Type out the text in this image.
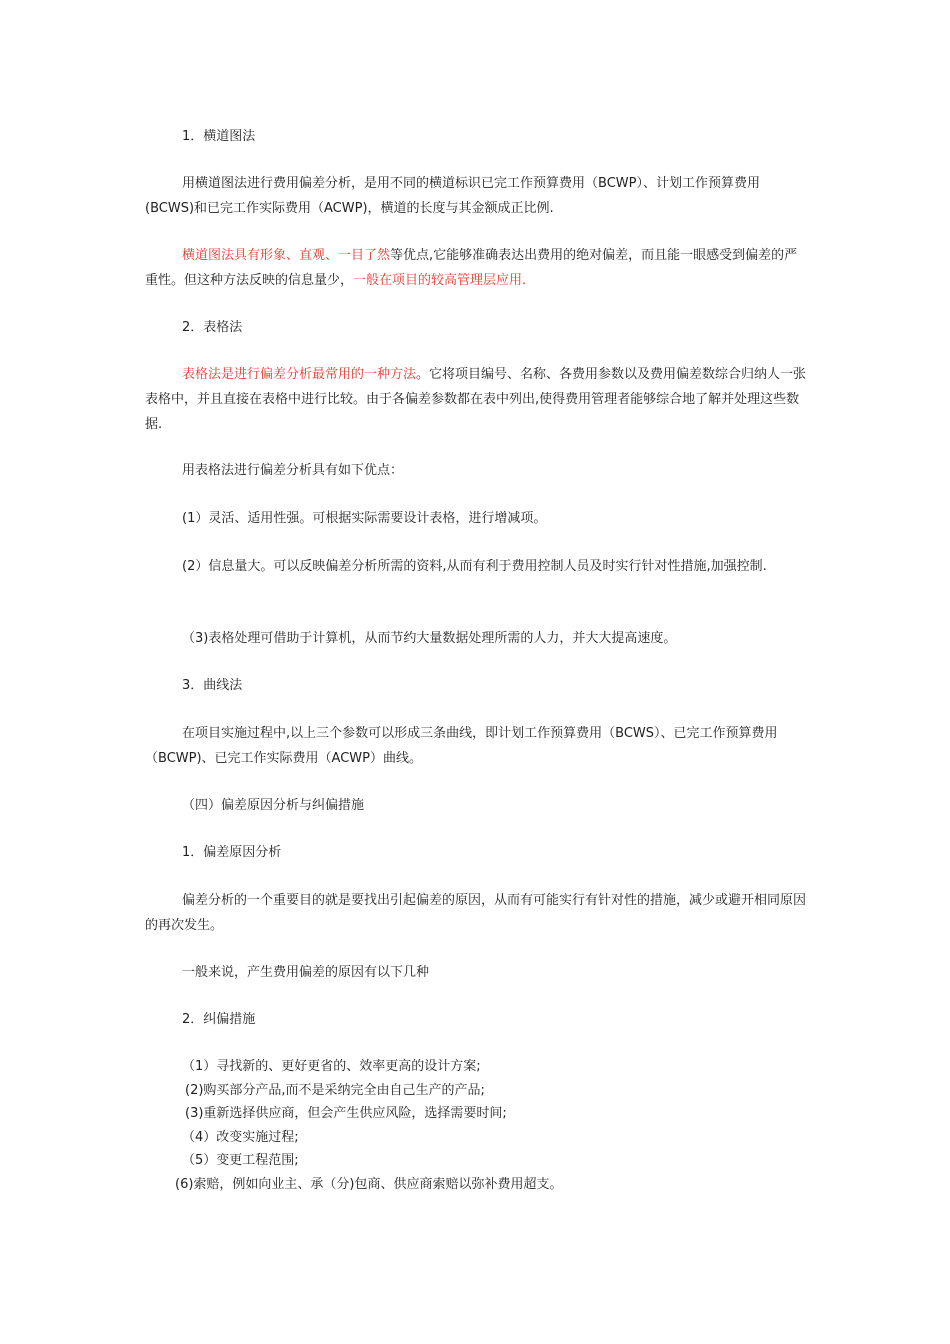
1．横道图法

用横道图法进行费用偏差分析，是用不同的横道标识已完工作预算费用（BCWP）、计划工作预算费用(BCWS)和已完工作实际费用（ACWP)，横道的长度与其金额成正比例.

横道图法具有形象、直观、一目了然等优点,它能够准确表达出费用的绝对偏差，而且能一眼感受到偏差的严重性。但这种方法反映的信息量少，一般在项目的较高管理层应用.

2．表格法

表格法是进行偏差分析最常用的一种方法。它将项目编号、名称、各费用参数以及费用偏差数综合归纳人一张表格中，并且直接在表格中进行比较。由于各偏差参数都在表中列出,使得费用管理者能够综合地了解并处理这些数据.

用表格法进行偏差分析具有如下优点：

(1）灵活、适用性强。可根据实际需要设计表格，进行增减项。

(2）信息量大。可以反映偏差分析所需的资料,从而有利于费用控制人员及时实行针对性措施,加强控制.

（3)表格处理可借助于计算机，从而节约大量数据处理所需的人力，并大大提高速度。

3．曲线法

在项目实施过程中,以上三个参数可以形成三条曲线，即计划工作预算费用（BCWS）、已完工作预算费用（BCWP)、已完工作实际费用（ACWP）曲线。

（四）偏差原因分析与纠偏措施

1．偏差原因分析

偏差分析的一个重要目的就是要找出引起偏差的原因，从而有可能实行有针对性的措施，减少或避开相同原因的再次发生。

一般来说，产生费用偏差的原因有以下几种

2．纠偏措施

（1）寻找新的、更好更省的、效率更高的设计方案;
(2)购买部分产品,而不是采纳完全由自己生产的产品;
(3)重新选择供应商，但会产生供应风险，选择需要时间;
（4）改变实施过程;
（5）变更工程范围;
(6)索赔，例如向业主、承（分)包商、供应商索赔以弥补费用超支。
